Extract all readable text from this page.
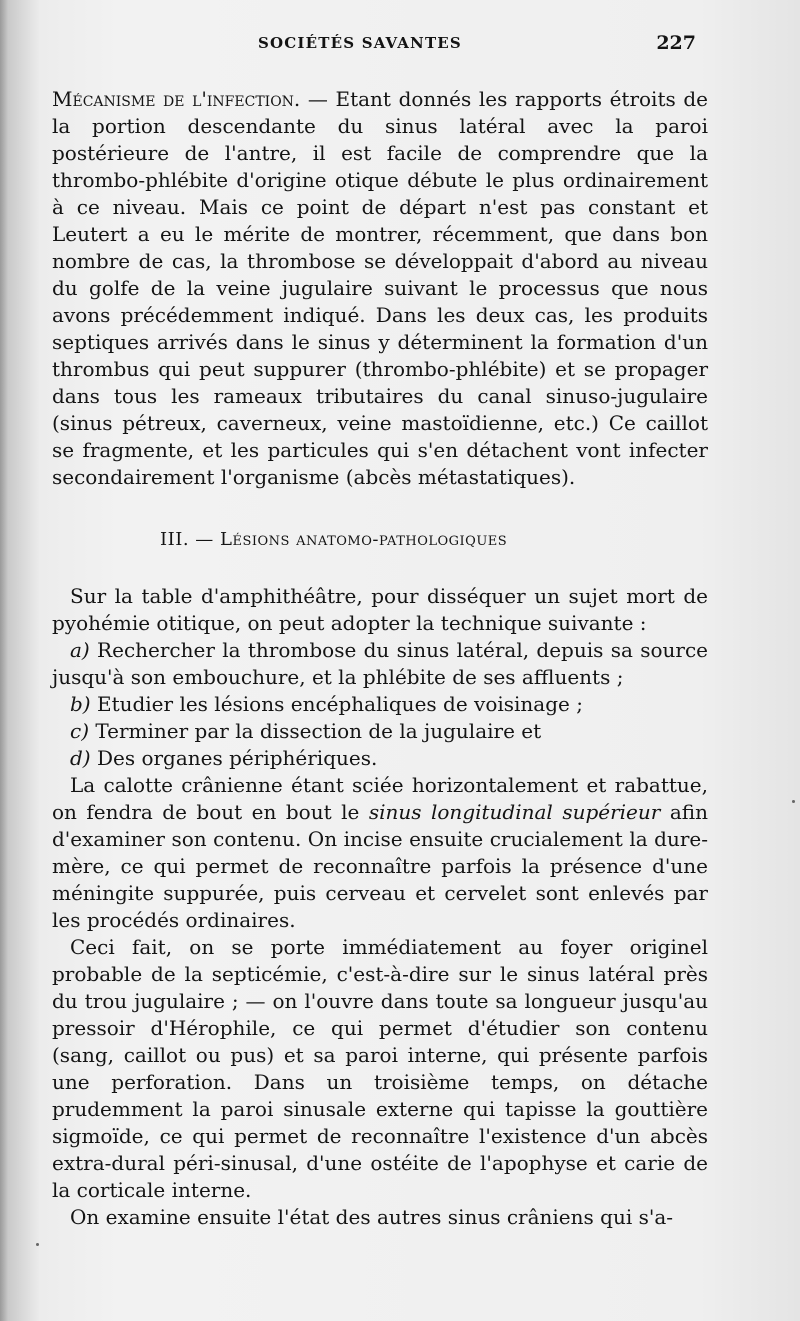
SOCIÉTÉS SAVANTES	227

Mécanisme de l'infection. — Etant donnés les rapports étroits de la portion descendante du sinus latéral avec la paroi postérieure de l'antre, il est facile de comprendre que la thrombo-phlébite d'origine otique débute le plus ordinairement à ce niveau. Mais ce point de départ n'est pas constant et Leutert a eu le mérite de montrer, récemment, que dans bon nombre de cas, la thrombose se développait d'abord au niveau du golfe de la veine jugulaire suivant le processus que nous avons précédemment indiqué. Dans les deux cas, les produits septiques arrivés dans le sinus y déterminent la formation d'un thrombus qui peut suppurer (thrombo-phlébite) et se propager dans tous les rameaux tributaires du canal sinuso-jugulaire (sinus pétreux, caverneux, veine mastoïdienne, etc.) Ce caillot se fragmente, et les particules qui s'en détachent vont infecter secondairement l'organisme (abcès métastatiques).

III. — Lésions anatomo-pathologiques

Sur la table d'amphithéâtre, pour disséquer un sujet mort de pyohémie otitique, on peut adopter la technique suivante :

a) Rechercher la thrombose du sinus latéral, depuis sa source jusqu'à son embouchure, et la phlébite de ses affluents ;

b) Etudier les lésions encéphaliques de voisinage ;

c) Terminer par la dissection de la jugulaire et

d) Des organes périphériques.

La calotte crânienne étant sciée horizontalement et rabattue, on fendra de bout en bout le sinus longitudinal supérieur afin d'examiner son contenu. On incise ensuite crucialement la dure-mère, ce qui permet de reconnaître parfois la présence d'une méningite suppurée, puis cerveau et cervelet sont enlevés par les procédés ordinaires.

Ceci fait, on se porte immédiatement au foyer originel probable de la septicémie, c'est-à-dire sur le sinus latéral près du trou jugulaire ; — on l'ouvre dans toute sa longueur jusqu'au pressoir d'Hérophile, ce qui permet d'étudier son contenu (sang, caillot ou pus) et sa paroi interne, qui présente parfois une perforation. Dans un troisième temps, on détache prudemment la paroi sinusale externe qui tapisse la gouttière sigmoïde, ce qui permet de reconnaître l'existence d'un abcès extra-dural péri-sinusal, d'une ostéite de l'apophyse et carie de la corticale interne.

On examine ensuite l'état des autres sinus crâniens qui s'a-
